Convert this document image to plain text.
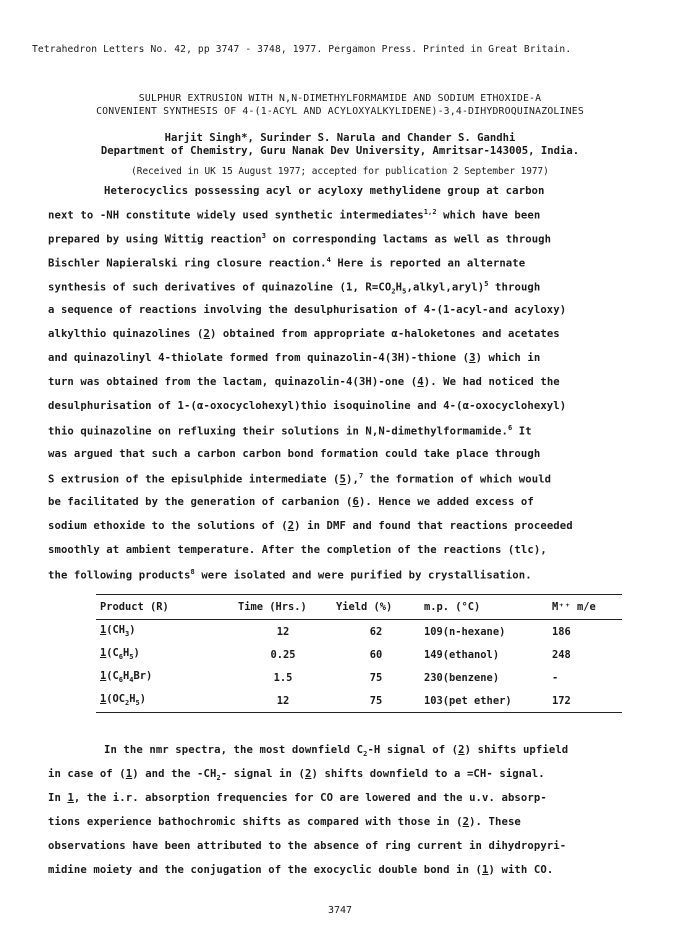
Tetrahedron Letters No. 42, pp 3747 - 3748, 1977. Pergamon Press. Printed in Great Britain.
SULPHUR EXTRUSION WITH N,N-DIMETHYLFORMAMIDE AND SODIUM ETHOXIDE-A
CONVENIENT SYNTHESIS OF 4-(1-ACYL AND ACYLOXYALKYLIDENE)-3,4-DIHYDROQUINAZOLINES
Harjit Singh*, Surinder S. Narula and Chander S. Gandhi
Department of Chemistry, Guru Nanak Dev University, Amritsar-143005, India.
(Received in UK 15 August 1977; accepted for publication 2 September 1977)
Heterocyclics possessing acyl or acyloxy methylidene group at carbon
next to -NH constitute widely used synthetic intermediates$^{1,2}$ which have been
prepared by using Wittig reaction$^3$ on corresponding lactams as well as through
Bischler Napieralski ring closure reaction.$^4$ Here is reported an alternate
synthesis of such derivatives of quinazoline (1, $R=CO_2H_5,alkyl,aryl)^5$ through
a sequence of reactions involving the desulphurisation of 4-(1-acyl-and acyloxy)
alkylthio quinazolines (2) obtained from appropriate α-haloketones and acetates
and quinazolinyl 4-thiolate formed from quinazolin-4(3H)-thione (3) which in
turn was obtained from the lactam, quinazolin-4(3H)-one (4). We had noticed the
desulphurisation of 1-(α-oxocyclohexyl)thio isoquinoline and 4-(α-oxocyclohexyl)
thio quinazoline on refluxing their solutions in N,N-dimethylformamide.$^6$ It
was argued that such a carbon carbon bond formation could take place through
S extrusion of the episulphide intermediate (5),$^7$ the formation of which would
be facilitated by the generation of carbanion (6). Hence we added excess of
sodium ethoxide to the solutions of (2) in DMF and found that reactions proceeded
smoothly at ambient temperature. After the completion of the reactions (tlc),
the following products$^8$ were isolated and were purified by crystallisation.
Product (R)	Time (Hrs.)	Yield (%)	m.p. (°C)	M⁺⁺ m/e
$1(CH_3)$	12	62	109(n-hexane)	186
$1(C_6H_5)$	0.25	60	149(ethanol)	248
$1(C_6H_4Br)$	1.5	75	230(benzene)	-
$1(OC_2H_5)$	12	75	103(pet ether)	172
In the nmr spectra, the most downfield $C_2-H$ signal of (2) shifts upfield
in case of (1) and the $-CH_2-$ signal in (2) shifts downfield to a =CH- signal.
In 1, the i.r. absorption frequencies for CO are lowered and the u.v. absorp-
tions experience bathochromic shifts as compared with those in (2). These
observations have been attributed to the absence of ring current in dihydropyri-
midine moiety and the conjugation of the exocyclic double bond in (1) with CO.
3747
